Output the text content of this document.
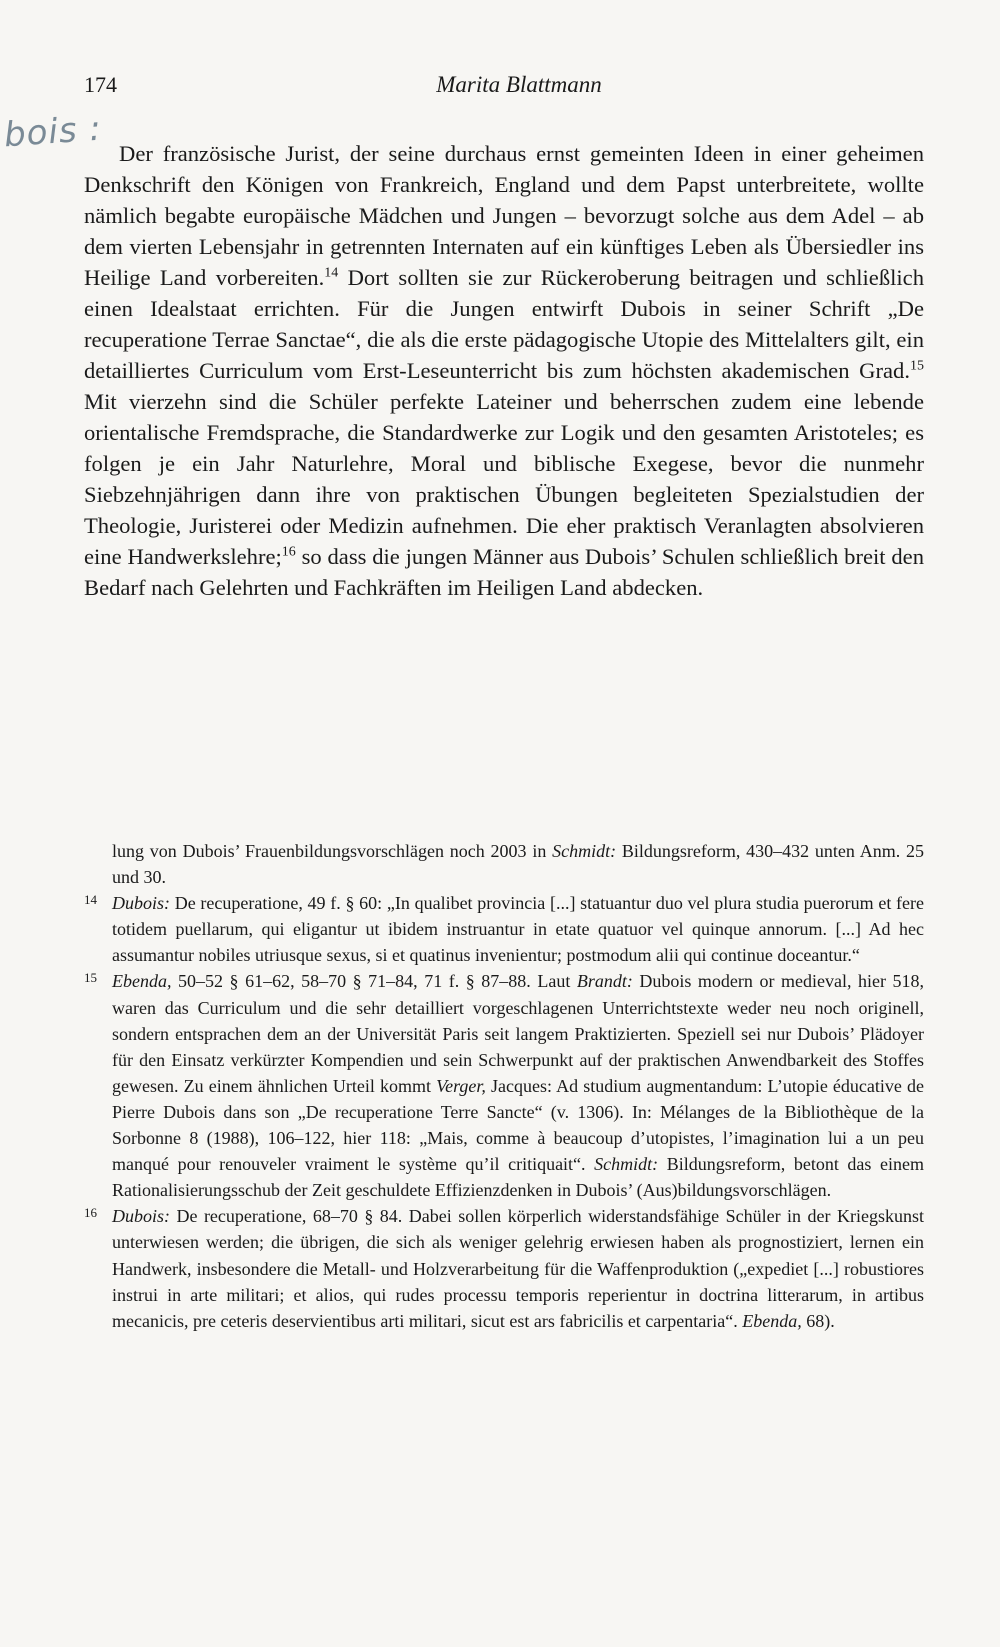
174	Marita Blattmann
bois : Der französische Jurist, der seine durchaus ernst gemeinten Ideen in einer geheimen Denkschrift den Königen von Frankreich, England und dem Papst unterbreitete, wollte nämlich begabte europäische Mädchen und Jungen – bevorzugt solche aus dem Adel – ab dem vierten Lebensjahr in getrennten Internaten auf ein künftiges Leben als Übersiedler ins Heilige Land vorbereiten.$^{14}$ Dort sollten sie zur Rückeroberung beitragen und schließlich einen Idealstaat errichten. Für die Jungen entwirft Dubois in seiner Schrift „De recuperatione Terrae Sanctae“, die als die erste pädagogische Utopie des Mittelalters gilt, ein detailliertes Curriculum vom Erst-Leseunterricht bis zum höchsten akademischen Grad.$^{15}$ Mit vierzehn sind die Schüler perfekte Lateiner und beherrschen zudem eine lebende orientalische Fremdsprache, die Standardwerke zur Logik und den gesamten Aristoteles; es folgen je ein Jahr Naturlehre, Moral und biblische Exegese, bevor die nunmehr Siebzehnjährigen dann ihre von praktischen Übungen begleiteten Spezialstudien der Theologie, Juristerei oder Medizin aufnehmen. Die eher praktisch Veranlagten absolvieren eine Handwerkslehre;$^{16}$ so dass die jungen Männer aus Dubois’ Schulen schließlich breit den Bedarf nach Gelehrten und Fachkräften im Heiligen Land abdecken.

lung von Dubois’ Frauenbildungsvorschlägen noch 2003 in Schmidt: Bildungsreform, 430–432 unten Anm. 25 und 30.

14 Dubois: De recuperatione, 49 f. § 60: „In qualibet provincia [...] statuantur duo vel plura studia puerorum et fere totidem puellarum, qui eligantur ut ibidem instruantur in etate quatuor vel quinque annorum. [...] Ad hec assumantur nobiles utriusque sexus, si et quatinus invenientur; postmodum alii qui continue doceantur.“

15 Ebenda, 50–52 § 61–62, 58–70 § 71–84, 71 f. § 87–88. Laut Brandt: Dubois modern or medieval, hier 518, waren das Curriculum und die sehr detailliert vorgeschlagenen Unterrichtstexte weder neu noch originell, sondern entsprachen dem an der Universität Paris seit langem Praktizierten. Speziell sei nur Dubois’ Plädoyer für den Einsatz verkürzter Kompendien und sein Schwerpunkt auf der praktischen Anwendbarkeit des Stoffes gewesen. Zu einem ähnlichen Urteil kommt Verger, Jacques: Ad studium augmentandum: L’utopie éducative de Pierre Dubois dans son „De recuperatione Terre Sancte“ (v. 1306). In: Mélanges de la Bibliothèque de la Sorbonne 8 (1988), 106–122, hier 118: „Mais, comme à beaucoup d’utopistes, l’imagination lui a un peu manqué pour renouveler vraiment le système qu’il critiquait“. Schmidt: Bildungsreform, betont das einem Rationalisierungsschub der Zeit geschuldete Effizienzdenken in Dubois’ (Aus)bildungsvorschlägen.

16 Dubois: De recuperatione, 68–70 § 84. Dabei sollen körperlich widerstandsfähige Schüler in der Kriegskunst unterwiesen werden; die übrigen, die sich als weniger gelehrig erwiesen haben als prognostiziert, lernen ein Handwerk, insbesondere die Metall- und Holzverarbeitung für die Waffenproduktion („expediet [...] robustiores instrui in arte militari; et alios, qui rudes processu temporis reperientur in doctrina litterarum, in artibus mecanicis, pre ceteris deservientibus arti militari, sicut est ars fabricilis et carpentaria“. Ebenda, 68).
